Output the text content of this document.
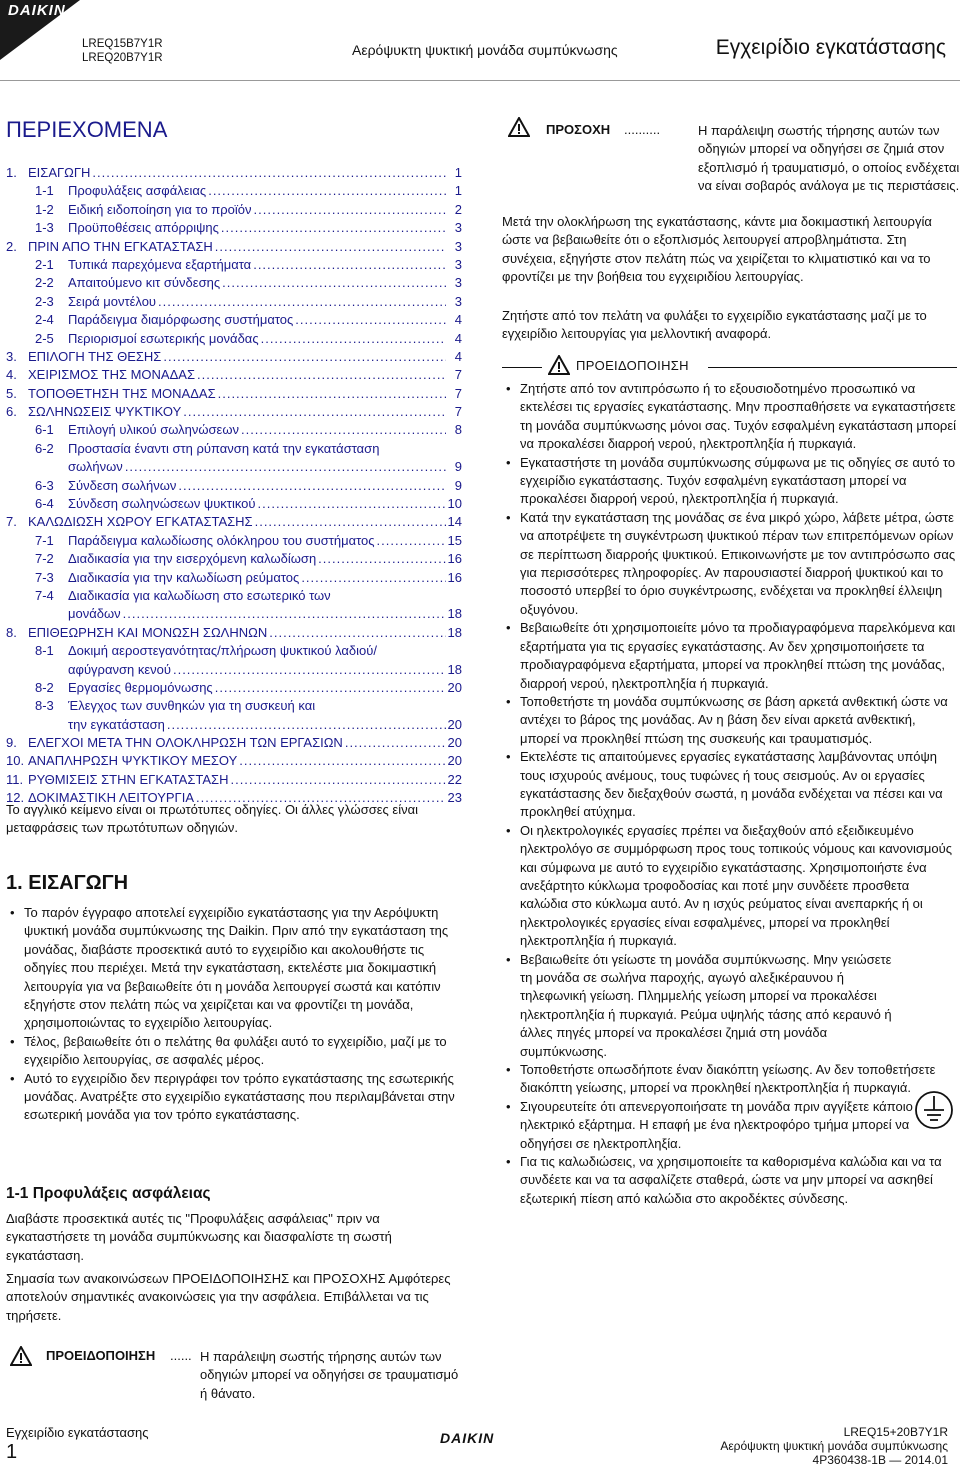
DAIKIN
LREQ15B7Y1R
LREQ20B7Y1R	Αερόψυκτη ψυκτική μονάδα συμπύκνωσης	Εγχειρίδιο εγκατάστασης
ΠΕΡΙΕΧΟΜΕΝΑ
1. ΕΙΣΑΓΩΓΗ .....	1
1-1	Προφυλάξεις ασφάλειας .....	1
1-2	Ειδική ειδοποίηση για το προϊόν .....	2
1-3	Προϋποθέσεις απόρριψης .....	3
2. ΠΡΙΝ ΑΠΟ ΤΗΝ ΕΓΚΑΤΑΣΤΑΣΗ .....	3
2-1	Τυπικά παρεχόμενα εξαρτήματα .....	3
2-2	Απαιτούμενο κιτ σύνδεσης .....	3
2-3	Σειρά μοντέλου .....	3
2-4	Παράδειγμα διαμόρφωσης συστήματος .....	4
2-5	Περιορισμοί εσωτερικής μονάδας .....	4
3. ΕΠΙΛΟΓΗ ΤΗΣ ΘΕΣΗΣ .....	4
4. ΧΕΙΡΙΣΜΟΣ ΤΗΣ ΜΟΝΑΔΑΣ .....	7
5. ΤΟΠΟΘΕΤΗΣΗ ΤΗΣ ΜΟΝΑΔΑΣ .....	7
6. ΣΩΛΗΝΩΣΕΙΣ ΨΥΚΤΙΚΟΥ .....	7
6-1	Επιλογή υλικού σωληνώσεων .....	8
6-2	Προστασία έναντι στη ρύπανση κατά την εγκατάσταση
σωλήνων .....	9
6-3	Σύνδεση σωλήνων .....	9
6-4	Σύνδεση σωληνώσεων ψυκτικού .....	10
7. ΚΑΛΩΔΙΩΣΗ ΧΩΡΟΥ ΕΓΚΑΤΑΣΤΑΣΗΣ .....	14
7-1	Παράδειγμα καλωδίωσης ολόκληρου του συστήματος .....	15
7-2	Διαδικασία για την εισερχόμενη καλωδίωση .....	16
7-3	Διαδικασία για την καλωδίωση ρεύματος .....	16
7-4	Διαδικασία για καλωδίωση στο εσωτερικό των
μονάδων .....	18
8. ΕΠΙΘΕΩΡΗΣΗ ΚΑΙ ΜΟΝΩΣΗ ΣΩΛΗΝΩΝ .....	18
8-1	Δοκιμή αεροστεγανότητας/πλήρωση ψυκτικού λαδιού/
αφύγρανση κενού .....	18
8-2	Εργασίες θερμομόνωσης .....	20
8-3	Έλεγχος των συνθηκών για τη συσκευή και
την εγκατάσταση .....	20
9. ΕΛΕΓΧΟΙ ΜΕΤΑ ΤΗΝ ΟΛΟΚΛΗΡΩΣΗ ΤΩΝ ΕΡΓΑΣΙΩΝ .....	20
10. ΑΝΑΠΛΗΡΩΣΗ ΨΥΚΤΙΚΟΥ ΜΕΣΟΥ .....	20
11. ΡΥΘΜΙΣΕΙΣ ΣΤΗΝ ΕΓΚΑΤΑΣΤΑΣΗ .....	22
12. ΔΟΚΙΜΑΣΤΙΚΗ ΛΕΙΤΟΥΡΓΙΑ .....	23
Το αγγλικό κείμενο είναι οι πρωτότυπες οδηγίες. Οι άλλες γλώσσες είναι μεταφράσεις των πρωτότυπων οδηγιών.
1. ΕΙΣΑΓΩΓΗ
• Το παρόν έγγραφο αποτελεί εγχειρίδιο εγκατάστασης για την Αερόψυκτη ψυκτική μονάδα συμπύκνωσης της Daikin. Πριν από την εγκατάσταση της μονάδας, διαβάστε προσεκτικά αυτό το εγχειρίδιο και ακολουθήστε τις οδηγίες που περιέχει. Μετά την εγκατάσταση, εκτελέστε μια δοκιμαστική λειτουργία για να βεβαιωθείτε ότι η μονάδα λειτουργεί σωστά και κατόπιν εξηγήστε στον πελάτη πώς να χειρίζεται και να φροντίζει τη μονάδα, χρησιμοποιώντας το εγχειρίδιο λειτουργίας.
• Τέλος, βεβαιωθείτε ότι ο πελάτης θα φυλάξει αυτό το εγχειρίδιο, μαζί με το εγχειρίδιο λειτουργίας, σε ασφαλές μέρος.
• Αυτό το εγχειρίδιο δεν περιγράφει τον τρόπο εγκατάστασης της εσωτερικής μονάδας. Ανατρέξτε στο εγχειρίδιο εγκατάστασης που περιλαμβάνεται στην εσωτερική μονάδα για τον τρόπο εγκατάστασης.
1-1 Προφυλάξεις ασφάλειας
Διαβάστε προσεκτικά αυτές τις "Προφυλάξεις ασφάλειας" πριν να εγκαταστήσετε τη μονάδα συμπύκνωσης και διασφαλίστε τη σωστή εγκατάσταση.
Σημασία των ανακοινώσεων ΠΡΟΕΙΔΟΠΟΙΗΣΗΣ και ΠΡΟΣΟΧΗΣ Αμφότερες αποτελούν σημαντικές ανακοινώσεις για την ασφάλεια. Επιβάλλεται να τις τηρήσετε.
ΠΡΟΕΙΔΟΠΟΙΗΣΗ ...... Η παράλειψη σωστής τήρησης αυτών των οδηγιών μπορεί να οδηγήσει σε τραυματισμό ή θάνατο.
ΠΡΟΣΟΧΗ ..........	Η παράλειψη σωστής τήρησης αυτών των οδηγιών μπορεί να οδηγήσει σε ζημιά στον εξοπλισμό ή τραυματισμό, ο οποίος ενδέχεται να είναι σοβαρός ανάλογα με τις περιστάσεις.
Μετά την ολοκλήρωση της εγκατάστασης, κάντε μια δοκιμαστική λειτουργία ώστε να βεβαιωθείτε ότι ο εξοπλισμός λειτουργεί απροβλημάτιστα. Στη συνέχεια, εξηγήστε στον πελάτη πώς να χειρίζεται το κλιματιστικό και να το φροντίζει με την βοήθεια του εγχειριδίου λειτουργίας.
Ζητήστε από τον πελάτη να φυλάξει το εγχειρίδιο εγκατάστασης μαζί με το εγχειρίδιο λειτουργίας για μελλοντική αναφορά.
ΠΡΟΕΙΔΟΠΟΙΗΣΗ
• Ζητήστε από τον αντιπρόσωπο ή το εξουσιοδοτημένο προσωπικό να εκτελέσει τις εργασίες εγκατάστασης. Μην προσπαθήσετε να εγκαταστήσετε τη μονάδα συμπύκνωσης μόνοι σας. Τυχόν εσφαλμένη εγκατάσταση μπορεί να προκαλέσει διαρροή νερού, ηλεκτροπληξία ή πυρκαγιά.
• Εγκαταστήστε τη μονάδα συμπύκνωσης σύμφωνα με τις οδηγίες σε αυτό το εγχειρίδιο εγκατάστασης. Τυχόν εσφαλμένη εγκατάσταση μπορεί να προκαλέσει διαρροή νερού, ηλεκτροπληξία ή πυρκαγιά.
• Κατά την εγκατάσταση της μονάδας σε ένα μικρό χώρο, λάβετε μέτρα, ώστε να αποτρέψετε τη συγκέντρωση ψυκτικού πέραν των επιτρεπόμενων ορίων σε περίπτωση διαρροής ψυκτικού. Επικοινωνήστε με τον αντιπρόσωπο σας για περισσότερες πληροφορίες. Αν παρουσιαστεί διαρροή ψυκτικού και το ποσοστό υπερβεί το όριο συγκέντρωσης, ενδέχεται να προκληθεί έλλειψη οξυγόνου.
• Βεβαιωθείτε ότι χρησιμοποιείτε μόνο τα προδιαγραφόμενα παρελκόμενα και εξαρτήματα για τις εργασίες εγκατάστασης. Αν δεν χρησιμοποιήσετε τα προδιαγραφόμενα εξαρτήματα, μπορεί να προκληθεί πτώση της μονάδας, διαρροή νερού, ηλεκτροπληξία ή πυρκαγιά.
• Τοποθετήστε τη μονάδα συμπύκνωσης σε βάση αρκετά ανθεκτική ώστε να αντέχει το βάρος της μονάδας. Αν η βάση δεν είναι αρκετά ανθεκτική, μπορεί να προκληθεί πτώση της συσκευής και τραυματισμός.
• Εκτελέστε τις απαιτούμενες εργασίες εγκατάστασης λαμβάνοντας υπόψη τους ισχυρούς ανέμους, τους τυφώνες ή τους σεισμούς. Αν οι εργασίες εγκατάστασης δεν διεξαχθούν σωστά, η μονάδα ενδέχεται να πέσει και να προκληθεί ατύχημα.
• Οι ηλεκτρολογικές εργασίες πρέπει να διεξαχθούν από εξειδικευμένο ηλεκτρολόγο σε συμμόρφωση προς τους τοπικούς νόμους και κανονισμούς και σύμφωνα με αυτό το εγχειρίδιο εγκατάστασης. Χρησιμοποιήστε ένα ανεξάρτητο κύκλωμα τροφοδοσίας και ποτέ μην συνδέετε προσθετα καλώδια στο κύκλωμα αυτό. Αν η ισχύς ρεύματος είναι ανεπαρκής ή οι ηλεκτρολογικές εργασίες είναι εσφαλμένες, μπορεί να προκληθεί ηλεκτροπληξία ή πυρκαγιά.
• Βεβαιωθείτε ότι γείωστε τη μονάδα συμπύκνωσης. Μην γειώσετε τη μονάδα σε σωλήνα παροχής, αγωγό αλεξικέραυνου ή τηλεφωνική γείωση. Πλημμελής γείωση μπορεί να προκαλέσει ηλεκτροπληξία ή πυρκαγιά. Ρεύμα υψηλής τάσης από κεραυνό ή άλλες πηγές μπορεί να προκαλέσει ζημιά στη μονάδα συμπύκνωσης.
• Τοποθετήστε οπωσδήποτε έναν διακόπτη γείωσης. Αν δεν τοποθετήσετε διακόπτη γείωσης, μπορεί να προκληθεί ηλεκτροπληξία ή πυρκαγιά.
• Σιγουρευτείτε ότι απενεργοποιήσατε τη μονάδα πριν αγγίξετε κάποιο ηλεκτρικό εξάρτημα. Η επαφή με ένα ηλεκτροφόρο τμήμα μπορεί να οδηγήσει σε ηλεκτροπληξία.
• Για τις καλωδιώσεις, να χρησιμοποιείτε τα καθορισμένα καλώδια και να τα συνδέετε και να τα ασφαλίζετε σταθερά, ώστε να μην μπορεί να ασκηθεί εξωτερική πίεση από καλώδια στο ακροδέκτες σύνδεσης.
Εγχειρίδιο εγκατάστασης
1
DAIKIN	LREQ15+20B7Y1R
Αερόψυκτη ψυκτική μονάδα συμπύκνωσης
4P360438-1B — 2014.01
